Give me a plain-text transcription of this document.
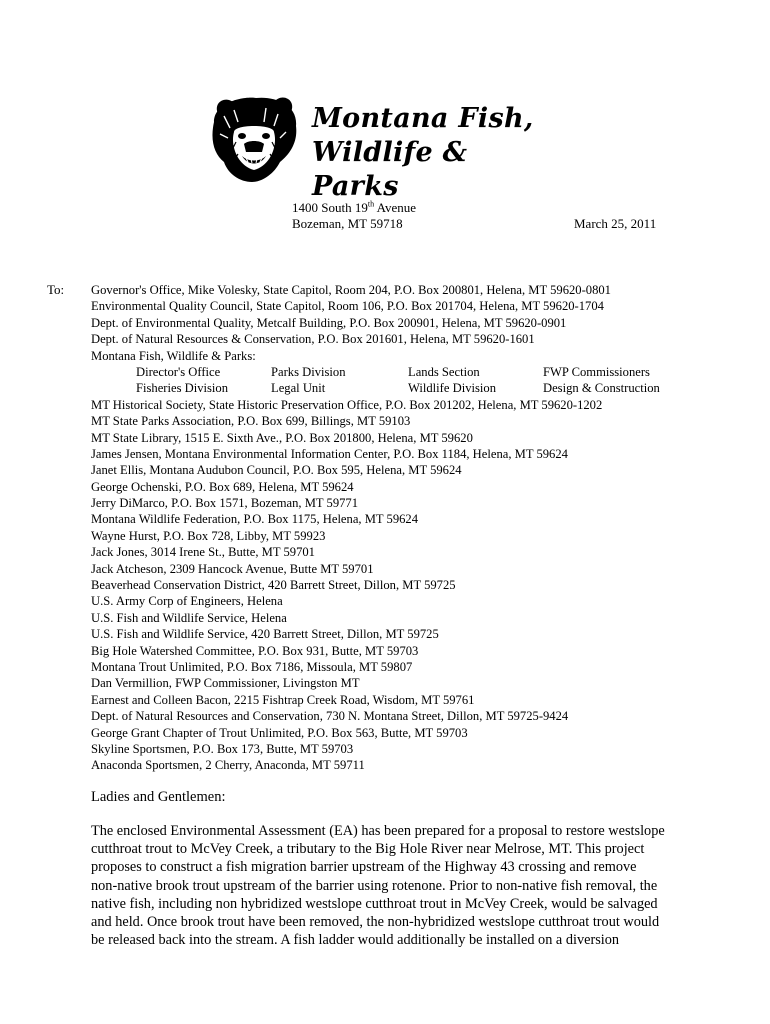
Montana Fish,
Wildlife & Parks
1400 South 19th Avenue
Bozeman, MT 59718	March 25, 2011
To: Governor's Office, Mike Volesky, State Capitol, Room 204, P.O. Box 200801, Helena, MT 59620-0801
Environmental Quality Council, State Capitol, Room 106, P.O. Box 201704, Helena, MT 59620-1704
Dept. of Environmental Quality, Metcalf Building, P.O. Box 200901, Helena, MT 59620-0901
Dept. of Natural Resources & Conservation, P.O. Box 201601, Helena, MT 59620-1601
Montana Fish, Wildlife & Parks:
Director's Office	Parks Division	Lands Section	FWP Commissioners
Fisheries Division	Legal Unit	Wildlife Division	Design & Construction
MT Historical Society, State Historic Preservation Office, P.O. Box 201202, Helena, MT 59620-1202
MT State Parks Association, P.O. Box 699, Billings, MT 59103
MT State Library, 1515 E. Sixth Ave., P.O. Box 201800, Helena, MT 59620
James Jensen, Montana Environmental Information Center, P.O. Box 1184, Helena, MT 59624
Janet Ellis, Montana Audubon Council, P.O. Box 595, Helena, MT 59624
George Ochenski, P.O. Box 689, Helena, MT 59624
Jerry DiMarco, P.O. Box 1571, Bozeman, MT 59771
Montana Wildlife Federation, P.O. Box 1175, Helena, MT 59624
Wayne Hurst, P.O. Box 728, Libby, MT 59923
Jack Jones, 3014 Irene St., Butte, MT 59701
Jack Atcheson, 2309 Hancock Avenue, Butte MT 59701
Beaverhead Conservation District, 420 Barrett Street, Dillon, MT 59725
U.S. Army Corp of Engineers, Helena
U.S. Fish and Wildlife Service, Helena
U.S. Fish and Wildlife Service, 420 Barrett Street, Dillon, MT 59725
Big Hole Watershed Committee, P.O. Box 931, Butte, MT 59703
Montana Trout Unlimited, P.O. Box 7186, Missoula, MT 59807
Dan Vermillion, FWP Commissioner, Livingston MT
Earnest and Colleen Bacon, 2215 Fishtrap Creek Road, Wisdom, MT 59761
Dept. of Natural Resources and Conservation, 730 N. Montana Street, Dillon, MT 59725-9424
George Grant Chapter of Trout Unlimited, P.O. Box 563, Butte, MT 59703
Skyline Sportsmen, P.O. Box 173, Butte, MT 59703
Anaconda Sportsmen, 2 Cherry, Anaconda, MT 59711
Ladies and Gentlemen:
The enclosed Environmental Assessment (EA) has been prepared for a proposal to restore westslope
cutthroat trout to McVey Creek, a tributary to the Big Hole River near Melrose, MT. This project
proposes to construct a fish migration barrier upstream of the Highway 43 crossing and remove
non-native brook trout upstream of the barrier using rotenone. Prior to non-native fish removal, the
native fish, including non hybridized westslope cutthroat trout in McVey Creek, would be salvaged
and held. Once brook trout have been removed, the non-hybridized westslope cutthroat trout would
be released back into the stream. A fish ladder would additionally be installed on a diversion
